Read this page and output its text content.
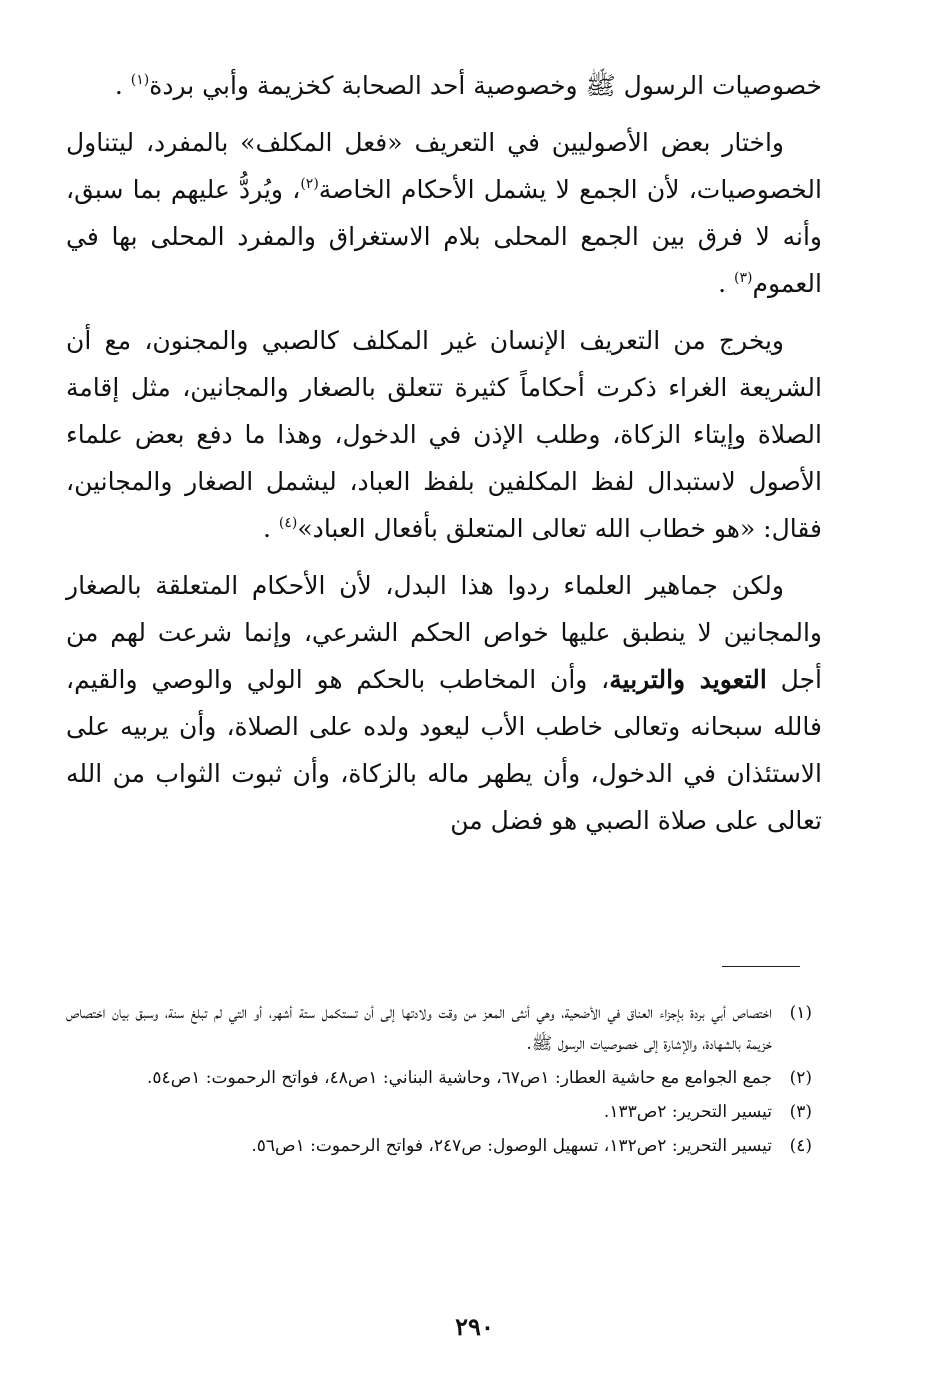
خصوصيات الرسول ﷺ وخصوصية أحد الصحابة كخزيمة وأبي بردة$^{(١)}$ .

واختار بعض الأصوليين في التعريف «فعل المكلف» بالمفرد، ليتناول الخصوصيات، لأن الجمع لا يشمل الأحكام الخاصة$^{(٢)}$، ويُردُّ عليهم بما سبق، وأنه لا فرق بين الجمع المحلى بلام الاستغراق والمفرد المحلى بها في العموم$^{(٣)}$ .

ويخرج من التعريف الإنسان غير المكلف كالصبي والمجنون، مع أن الشريعة الغراء ذكرت أحكاماً كثيرة تتعلق بالصغار والمجانين، مثل إقامة الصلاة وإيتاء الزكاة، وطلب الإذن في الدخول، وهذا ما دفع بعض علماء الأصول لاستبدال لفظ المكلفين بلفظ العباد، ليشمل الصغار والمجانين، فقال: «هو خطاب الله تعالى المتعلق بأفعال العباد»$^{(٤)}$ .

ولكن جماهير العلماء ردوا هذا البدل، لأن الأحكام المتعلقة بالصغار والمجانين لا ينطبق عليها خواص الحكم الشرعي، وإنما شرعت لهم من أجل التعويد والتربية، وأن المخاطب بالحكم هو الولي والوصي والقيم، فالله سبحانه وتعالى خاطب الأب ليعود ولده على الصلاة، وأن يربيه على الاستئذان في الدخول، وأن يطهر ماله بالزكاة، وأن ثبوت الثواب من الله تعالى على صلاة الصبي هو فضل من

(١)
اختصاص أبي بردة بإجزاء العناق في الأضحية، وهي أنثى المعز من وقت ولادتها إلى أن تستكمل ستة أشهر، أو التي لم تبلغ سنة، وسبق بيان اختصاص خزيمة بالشهادة، والإشارة إلى خصوصيات الرسول ﷺ.
(٢)
جمع الجوامع مع حاشية العطار: ١ص٦٧، وحاشية البناني: ١ص٤٨، فواتح الرحموت: ١ص٥٤.
(٣)
تيسير التحرير: ٢ص١٣٣.
(٤)
تيسير التحرير: ٢ص١٣٢، تسهيل الوصول: ص٢٤٧، فواتح الرحموت: ١ص٥٦.
٢٩٠
